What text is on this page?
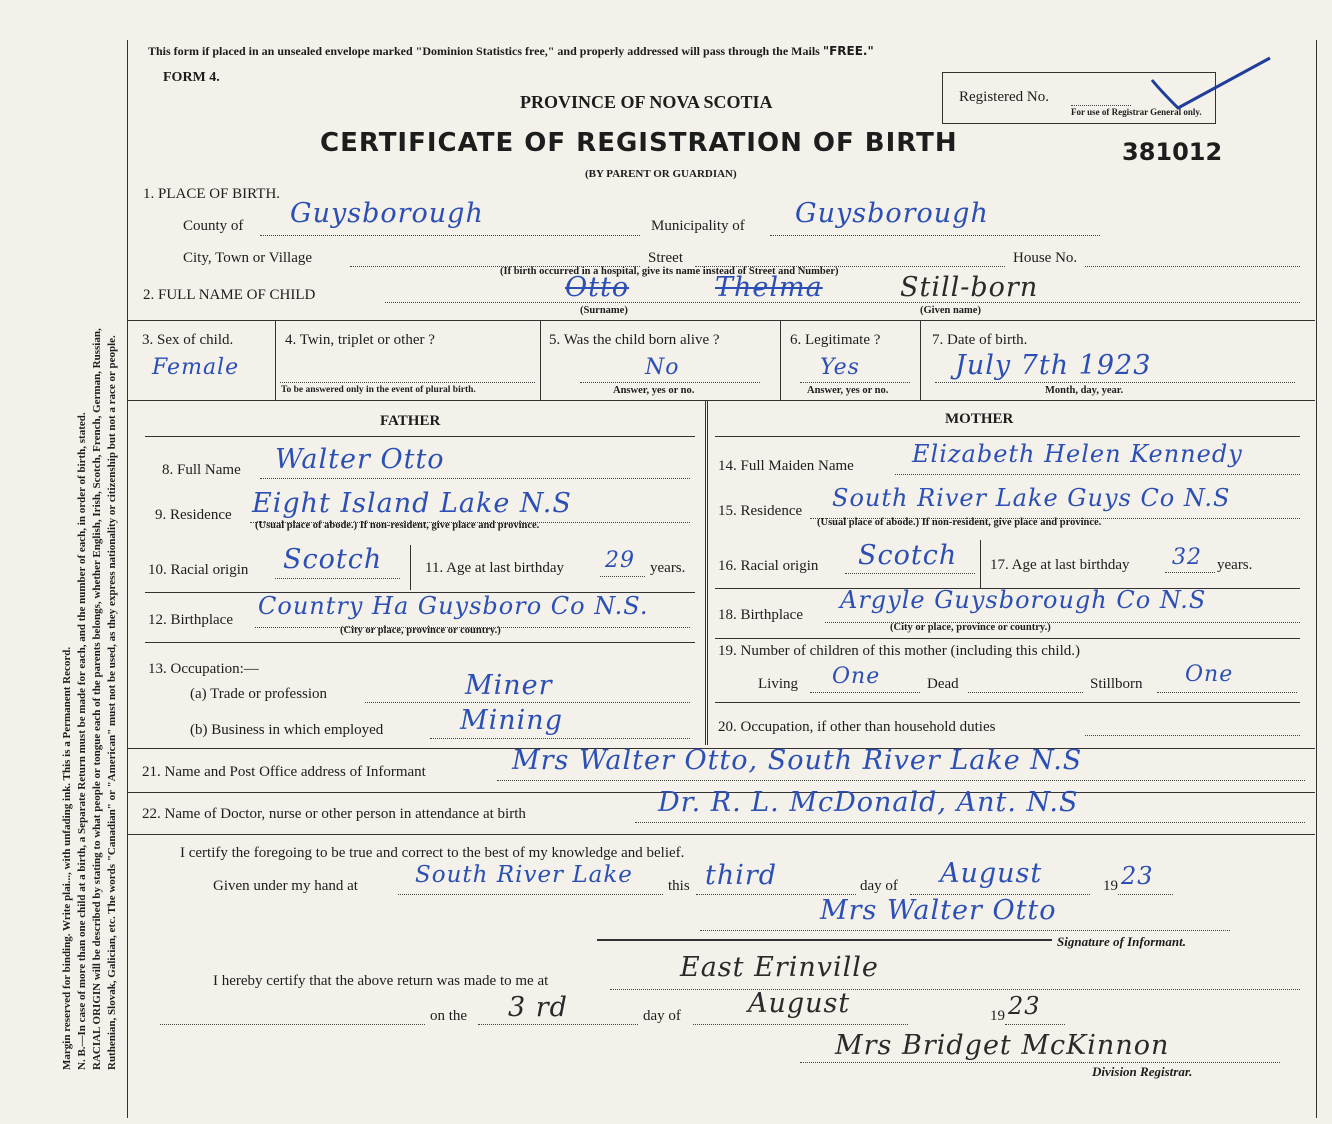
Margin reserved for binding. Write plai..., with unfading ink. This is a Permanent Record. N. B.—In case of more than one child at a birth, a Separate Return must be made for each, and the number of each, in order of birth, stated. RACIAL ORIGIN will be described by stating to what people or tongue each of the parents belongs, whether English, Irish, Scotch, French, German, Russian, Ruthenian, Slovak, Galician, etc. The words "Canadian" or "American" must not be used, as they express nationality or citizenship but not a race or people.
This form if placed in an unsealed envelope marked "Dominion Statistics free," and properly addressed will pass through the Mails "FREE."
FORM 4.
PROVINCE OF NOVA SCOTIA
CERTIFICATE OF REGISTRATION OF BIRTH
(BY PARENT OR GUARDIAN)
Registered No.
For use of Registrar General only.
381012
1. PLACE OF BIRTH.
County of Guysborough	Municipality of Guysborough
City, Town or Village	Street	House No.
(If birth occurred in a hospital, give its name instead of Street and Number)
2. FULL NAME OF CHILD	Otto	Thelma	Still-born
(Surname)	(Given name)
3. Sex of child.
Female
4. Twin, triplet or other ?
To be answered only in the event of plural birth.
5. Was the child born alive ?
No
Answer, yes or no.
6. Legitimate ?
Yes
Answer, yes or no.
7. Date of birth.
July 7th 1923
Month, day, year.
FATHER	MOTHER
8. Full Name Walter Otto
9. Residence Eight Island Lake N.S
(Usual place of abode.) If non-resident, give place and province.
10. Racial origin Scotch	11. Age at last birthday 29 years.
12. Birthplace Country Ha Guysboro Co N.S.
(City or place, province or country.)
13. Occupation:—
(a) Trade or profession	Miner
(b) Business in which employed	Mining
14. Full Maiden Name Elizabeth Helen Kennedy
15. Residence South River Lake Guys Co N.S
(Usual place of abode.) If non-resident, give place and province.
16. Racial origin Scotch 17. Age at last birthday 32 years.
18. Birthplace
Argyle Guysborough Co N.S
(City or place, province or country.)
19. Number of children of this mother (including this child.)
Living One	Dead	Stillborn One
20. Occupation, if other than household duties
21. Name and Post Office address of Informant	Mrs Walter Otto, South River Lake N.S
22. Name of Doctor, nurse or other person in attendance at birth	Dr. R. L. McDonald, Ant. N.S
I certify the foregoing to be true and correct to the best of my knowledge and belief.
Given under my hand at South River Lake this third	day of August	19 23
Mrs Walter Otto
Signature of Informant.
I hereby certify that the above return was made to me at	East Erinville
on the 3 rd	day of August	19 23
Mrs Bridget McKinnon
Division Registrar.
